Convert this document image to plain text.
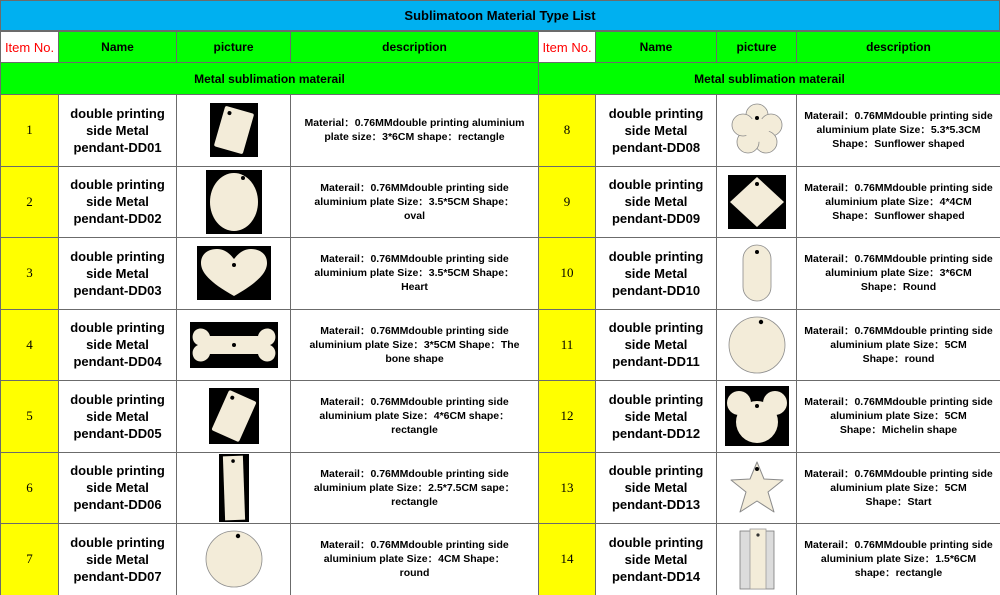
Sublimatoon Material Type List
Item No.	Name	picture	description	Item No.	Name	picture	description
Metal sublimation materail				Metal sublimation materail			
1	double printing
side Metal
pendant-DD01		Material：0.76MMdouble printing aluminium
plate size：3*6CM shape：rectangle	8	double printing
side Metal
pendant-DD08		Materail：0.76MMdouble printing side
aluminium plate Size：5.3*5.3CM
Shape：Sunflower shaped

2	double printing
side Metal
pendant-DD02		Materail：0.76MMdouble printing side
aluminium plate Size：3.5*5CM Shape：
oval	9	double printing
side Metal
pendant-DD09		Materail：0.76MMdouble printing side
aluminium plate Size：4*4CM
Shape：Sunflower shaped

3	double printing
side Metal
pendant-DD03		Materail：0.76MMdouble printing side
aluminium plate Size：3.5*5CM Shape：
Heart	10	double printing
side Metal
pendant-DD10		Materail：0.76MMdouble printing side
aluminium plate Size：3*6CM
Shape：Round

4	double printing
side Metal
pendant-DD04		Materail：0.76MMdouble printing side
aluminium plate Size：3*5CM Shape：The
bone shape	11	double printing
side Metal
pendant-DD11		Materail：0.76MMdouble printing side
aluminium plate Size：5CM
Shape：round

5	double printing
side Metal
pendant-DD05		Materail：0.76MMdouble printing side
aluminium plate Size：4*6CM shape：
rectangle	12	double printing
side Metal
pendant-DD12		Materail：0.76MMdouble printing side
aluminium plate Size：5CM
Shape：Michelin shape

6	double printing
side Metal
pendant-DD06		Materail：0.76MMdouble printing side
aluminium plate Size：2.5*7.5CM sape：
rectangle	13	double printing
side Metal
pendant-DD13		Materail：0.76MMdouble printing side
aluminium plate Size：5CM
Shape：Start

7	double printing
side Metal
pendant-DD07		Materail：0.76MMdouble printing side
aluminium plate Size：4CM Shape：
round	14	double printing
side Metal
pendant-DD14		Materail：0.76MMdouble printing side
aluminium plate Size：1.5*6CM
shape：rectangle
